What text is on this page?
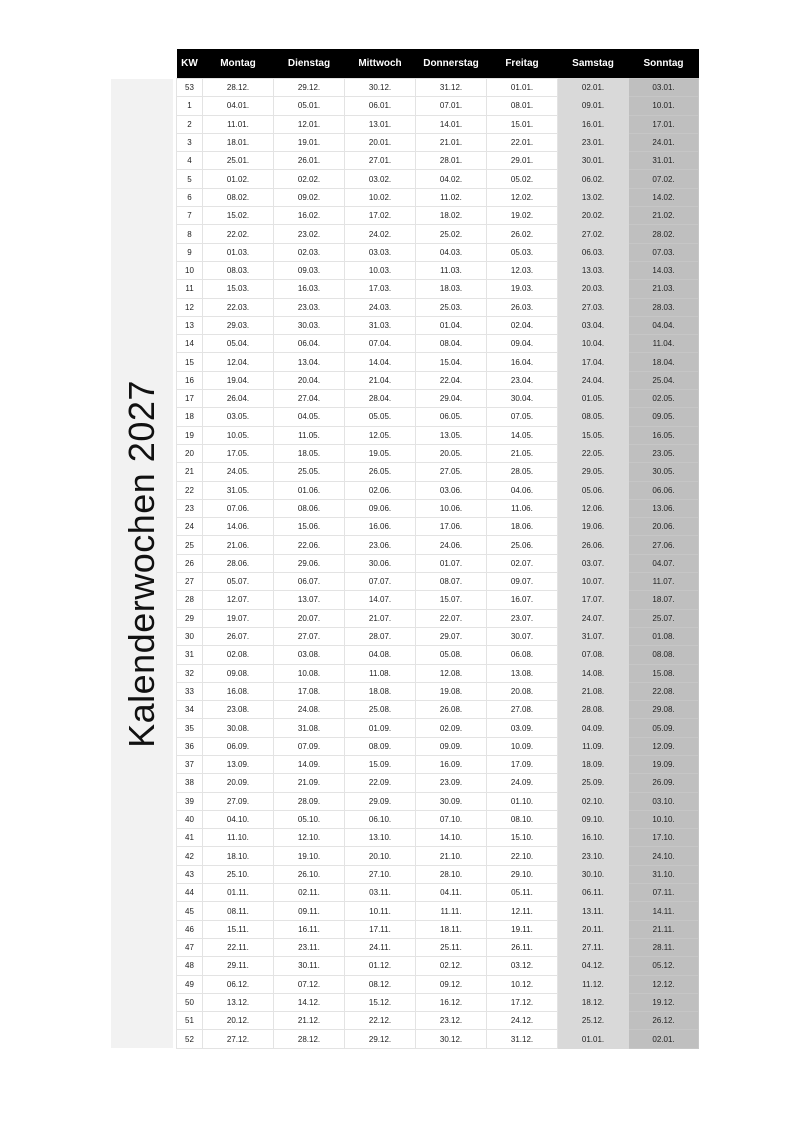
Kalenderwochen 2027
KW	Montag	Dienstag	Mittwoch	Donnerstag	Freitag	Samstag	Sonntag
53	28.12.	29.12.	30.12.	31.12.	01.01.	02.01.	03.01.
1	04.01.	05.01.	06.01.	07.01.	08.01.	09.01.	10.01.
2	11.01.	12.01.	13.01.	14.01.	15.01.	16.01.	17.01.
3	18.01.	19.01.	20.01.	21.01.	22.01.	23.01.	24.01.
4	25.01.	26.01.	27.01.	28.01.	29.01.	30.01.	31.01.
5	01.02.	02.02.	03.02.	04.02.	05.02.	06.02.	07.02.
6	08.02.	09.02.	10.02.	11.02.	12.02.	13.02.	14.02.
7	15.02.	16.02.	17.02.	18.02.	19.02.	20.02.	21.02.
8	22.02.	23.02.	24.02.	25.02.	26.02.	27.02.	28.02.
9	01.03.	02.03.	03.03.	04.03.	05.03.	06.03.	07.03.
10	08.03.	09.03.	10.03.	11.03.	12.03.	13.03.	14.03.
11	15.03.	16.03.	17.03.	18.03.	19.03.	20.03.	21.03.
12	22.03.	23.03.	24.03.	25.03.	26.03.	27.03.	28.03.
13	29.03.	30.03.	31.03.	01.04.	02.04.	03.04.	04.04.
14	05.04.	06.04.	07.04.	08.04.	09.04.	10.04.	11.04.
15	12.04.	13.04.	14.04.	15.04.	16.04.	17.04.	18.04.
16	19.04.	20.04.	21.04.	22.04.	23.04.	24.04.	25.04.
17	26.04.	27.04.	28.04.	29.04.	30.04.	01.05.	02.05.
18	03.05.	04.05.	05.05.	06.05.	07.05.	08.05.	09.05.
19	10.05.	11.05.	12.05.	13.05.	14.05.	15.05.	16.05.
20	17.05.	18.05.	19.05.	20.05.	21.05.	22.05.	23.05.
21	24.05.	25.05.	26.05.	27.05.	28.05.	29.05.	30.05.
22	31.05.	01.06.	02.06.	03.06.	04.06.	05.06.	06.06.
23	07.06.	08.06.	09.06.	10.06.	11.06.	12.06.	13.06.
24	14.06.	15.06.	16.06.	17.06.	18.06.	19.06.	20.06.
25	21.06.	22.06.	23.06.	24.06.	25.06.	26.06.	27.06.
26	28.06.	29.06.	30.06.	01.07.	02.07.	03.07.	04.07.
27	05.07.	06.07.	07.07.	08.07.	09.07.	10.07.	11.07.
28	12.07.	13.07.	14.07.	15.07.	16.07.	17.07.	18.07.
29	19.07.	20.07.	21.07.	22.07.	23.07.	24.07.	25.07.
30	26.07.	27.07.	28.07.	29.07.	30.07.	31.07.	01.08.
31	02.08.	03.08.	04.08.	05.08.	06.08.	07.08.	08.08.
32	09.08.	10.08.	11.08.	12.08.	13.08.	14.08.	15.08.
33	16.08.	17.08.	18.08.	19.08.	20.08.	21.08.	22.08.
34	23.08.	24.08.	25.08.	26.08.	27.08.	28.08.	29.08.
35	30.08.	31.08.	01.09.	02.09.	03.09.	04.09.	05.09.
36	06.09.	07.09.	08.09.	09.09.	10.09.	11.09.	12.09.
37	13.09.	14.09.	15.09.	16.09.	17.09.	18.09.	19.09.
38	20.09.	21.09.	22.09.	23.09.	24.09.	25.09.	26.09.
39	27.09.	28.09.	29.09.	30.09.	01.10.	02.10.	03.10.
40	04.10.	05.10.	06.10.	07.10.	08.10.	09.10.	10.10.
41	11.10.	12.10.	13.10.	14.10.	15.10.	16.10.	17.10.
42	18.10.	19.10.	20.10.	21.10.	22.10.	23.10.	24.10.
43	25.10.	26.10.	27.10.	28.10.	29.10.	30.10.	31.10.
44	01.11.	02.11.	03.11.	04.11.	05.11.	06.11.	07.11.
45	08.11.	09.11.	10.11.	11.11.	12.11.	13.11.	14.11.
46	15.11.	16.11.	17.11.	18.11.	19.11.	20.11.	21.11.
47	22.11.	23.11.	24.11.	25.11.	26.11.	27.11.	28.11.
48	29.11.	30.11.	01.12.	02.12.	03.12.	04.12.	05.12.
49	06.12.	07.12.	08.12.	09.12.	10.12.	11.12.	12.12.
50	13.12.	14.12.	15.12.	16.12.	17.12.	18.12.	19.12.
51	20.12.	21.12.	22.12.	23.12.	24.12.	25.12.	26.12.
52	27.12.	28.12.	29.12.	30.12.	31.12.	01.01.	02.01.
